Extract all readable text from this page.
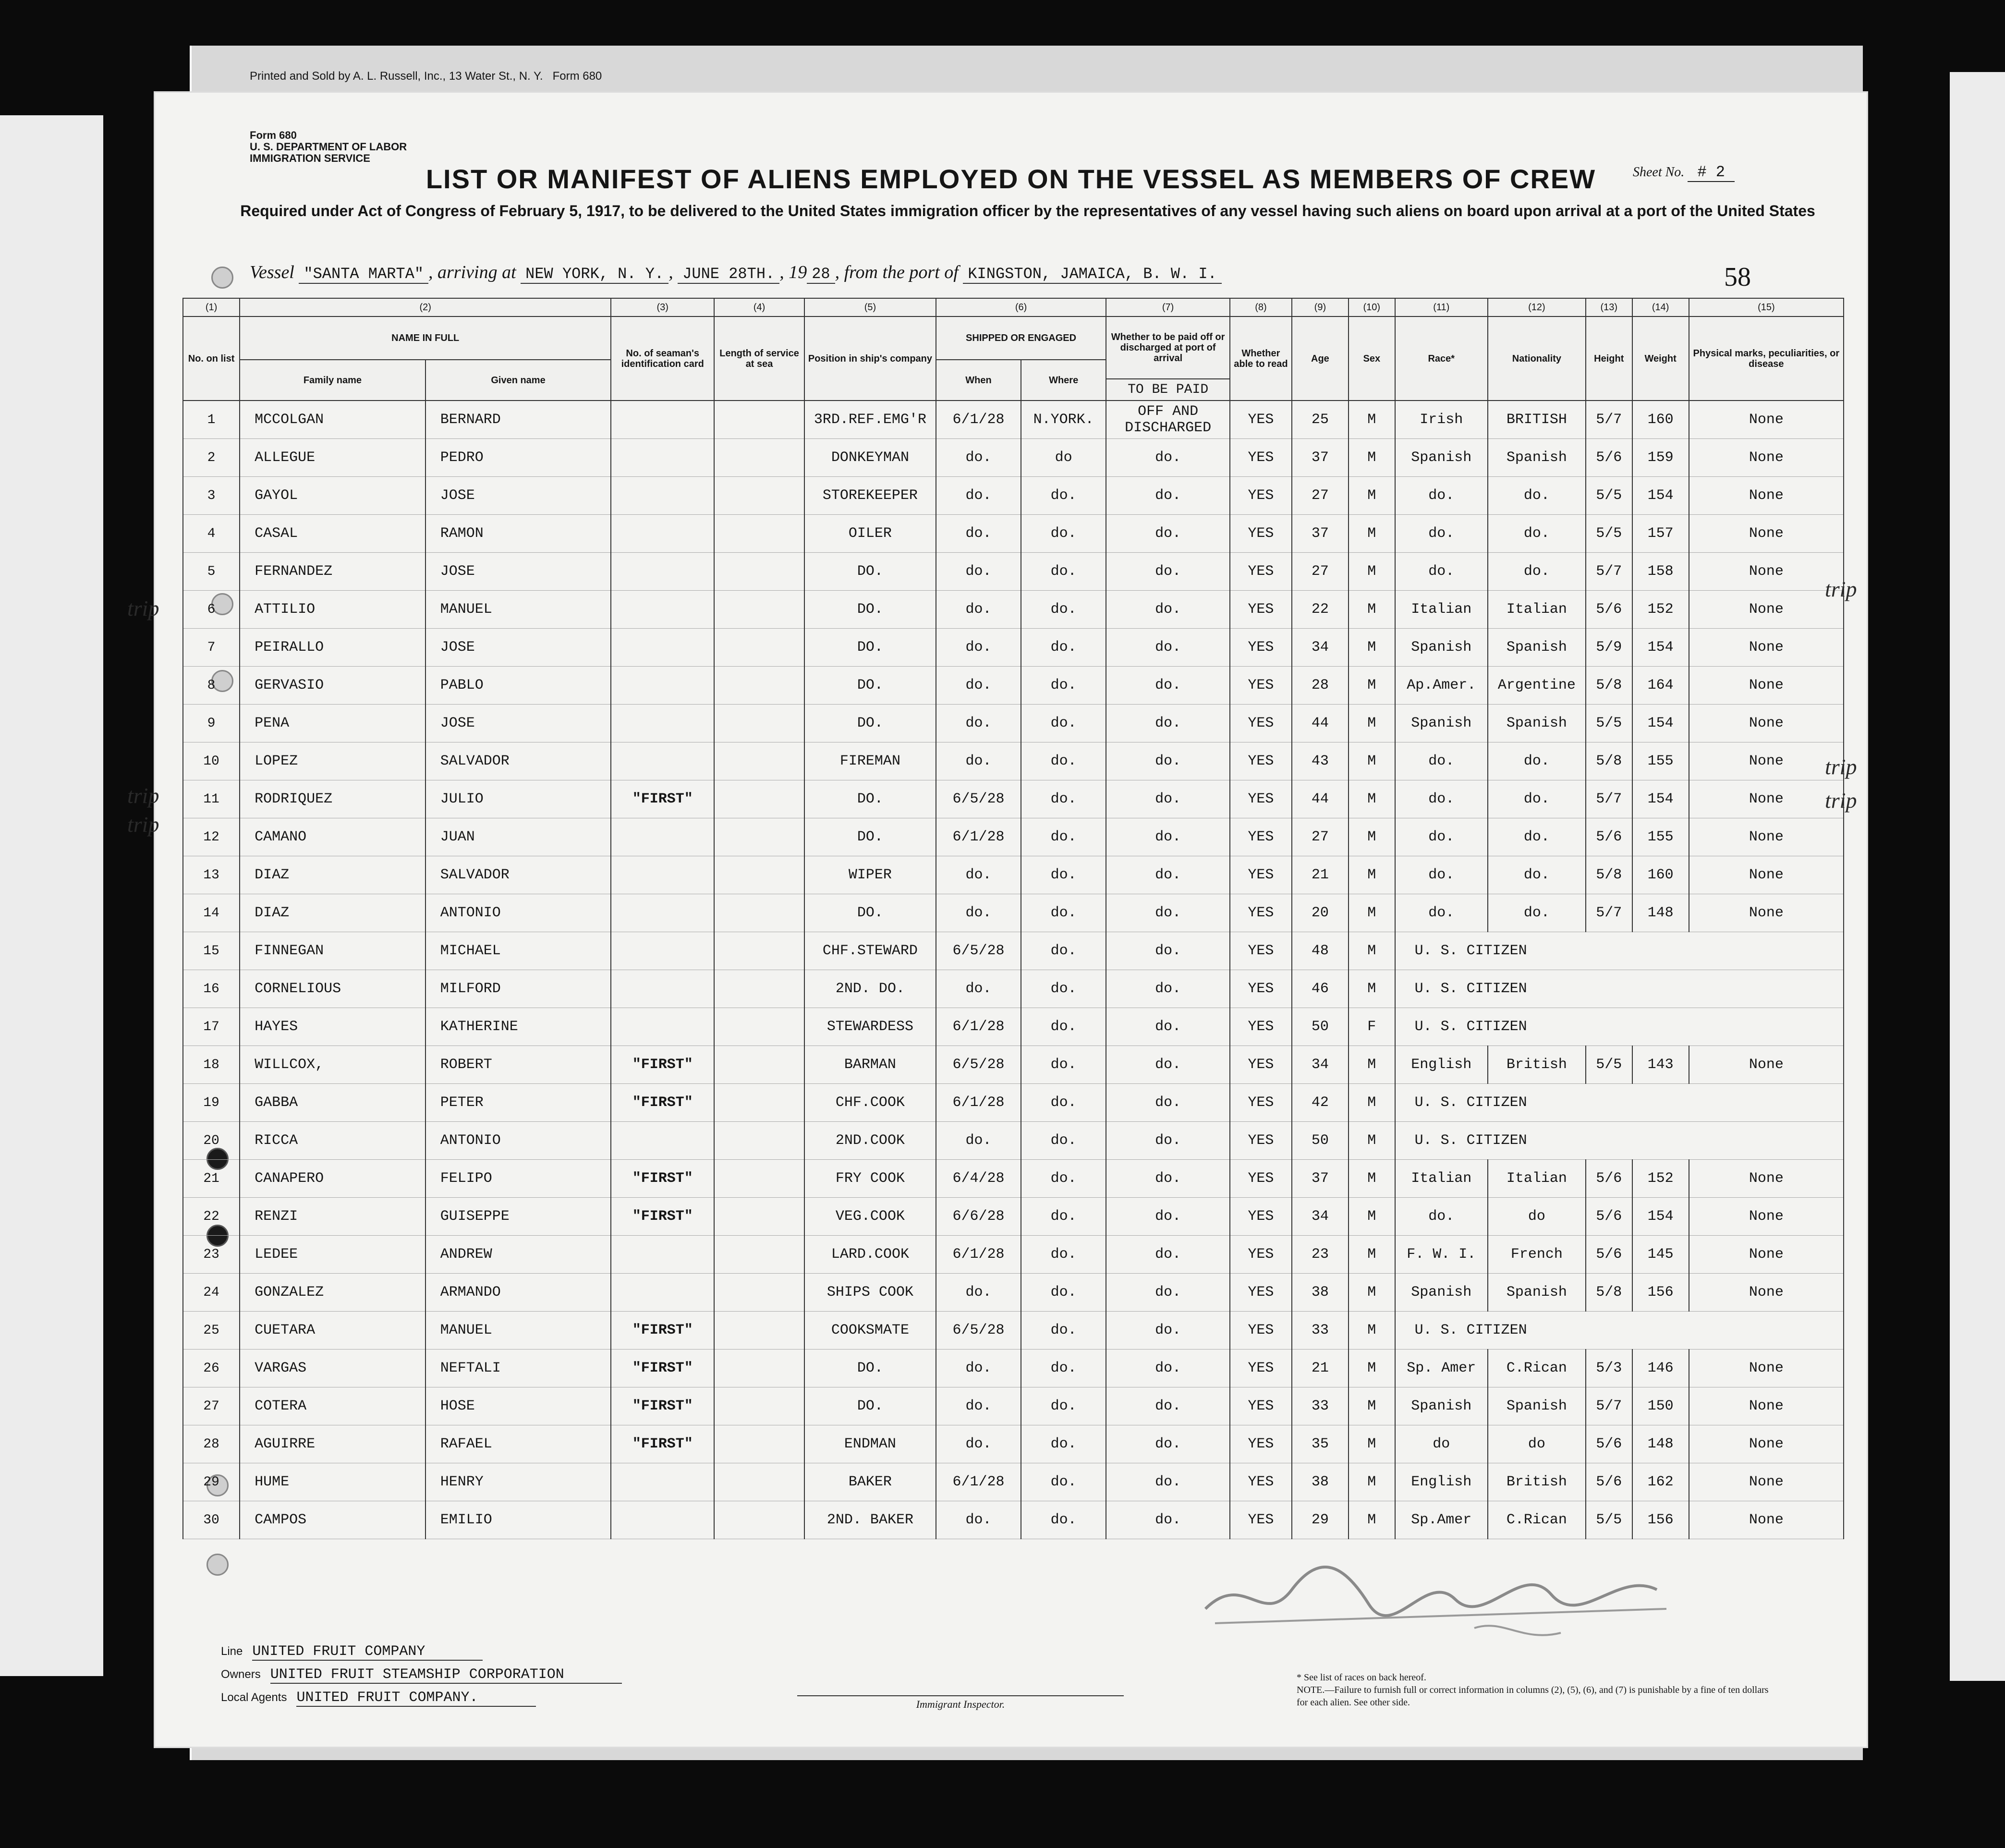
Printed and Sold by A. L. Russell, Inc., 13 Water St., N. Y. Form 680
Form 680
U. S. DEPARTMENT OF LABOR
IMMIGRATION SERVICE
LIST OR MANIFEST OF ALIENS EMPLOYED ON THE VESSEL AS MEMBERS OF CREW	Sheet No. # 2
Required under Act of Congress of February 5, 1917, to be delivered to the United States immigration officer by the representatives of any vessel having such aliens on board upon arrival at a port of the United States
Vessel "SANTA MARTA" , arriving at NEW YORK, N. Y. , JUNE 28TH. , 19 28 , from the port of KINGSTON, JAMAICA, B. W. I.	58
(1)	(2)		(3)	(4)	(5)	(6)		(7)	(8)	(9)	(10)	(11)	(12)	(13)	(14)	(15)
No. on list	NAME IN FULL		No. of seaman's identification card	Length of service at sea	Position in ship's company	SHIPPED OR ENGAGED		Whether to be paid off or discharged at port of arrival	Whether able to read	Age	Sex	Race*	Nationality	Height	Weight	Physical marks, peculiarities, or disease
	Family name	Given name				When	Where									
								TO BE PAID								
1	MCCOLGAN	BERNARD			3RD.REF.EMG'R	6/1/28	N.YORK.	OFF AND DISCHARGED	YES	25	M	Irish	BRITISH	5/7	160	None
2	ALLEGUE	PEDRO			DONKEYMAN	do.	do	do.	YES	37	M	Spanish	Spanish	5/6	159	None
3	GAYOL	JOSE			STOREKEEPER	do.	do.	do.	YES	27	M	do.	do.	5/5	154	None
4	CASAL	RAMON			OILER	do.	do.	do.	YES	37	M	do.	do.	5/5	157	None
5	FERNANDEZ	JOSE			DO.	do.	do.	do.	YES	27	M	do.	do.	5/7	158	None
6	ATTILIO	MANUEL			DO.	do.	do.	do.	YES	22	M	Italian	Italian	5/6	152	None
7	PEIRALLO	JOSE			DO.	do.	do.	do.	YES	34	M	Spanish	Spanish	5/9	154	None
8	GERVASIO	PABLO			DO.	do.	do.	do.	YES	28	M	Ap.Amer.	Argentine	5/8	164	None
9	PENA	JOSE			DO.	do.	do.	do.	YES	44	M	Spanish	Spanish	5/5	154	None
10	LOPEZ	SALVADOR			FIREMAN	do.	do.	do.	YES	43	M	do.	do.	5/8	155	None
11	RODRIQUEZ	JULIO	"FIRST"		DO.	6/5/28	do.	do.	YES	44	M	do.	do.	5/7	154	None
12	CAMANO	JUAN			DO.	6/1/28	do.	do.	YES	27	M	do.	do.	5/6	155	None
13	DIAZ	SALVADOR			WIPER	do.	do.	do.	YES	21	M	do.	do.	5/8	160	None
14	DIAZ	ANTONIO			DO.	do.	do.	do.	YES	20	M	do.	do.	5/7	148	None
15	FINNEGAN	MICHAEL			CHF.STEWARD	6/5/28	do.	do.	YES	48	M	U. S. CITIZEN				
16	CORNELIOUS	MILFORD			2ND. DO.	do.	do.	do.	YES	46	M	U. S. CITIZEN				
17	HAYES	KATHERINE			STEWARDESS	6/1/28	do.	do.	YES	50	F	U. S. CITIZEN				
18	WILLCOX,	ROBERT	"FIRST"		BARMAN	6/5/28	do.	do.	YES	34	M	English	British	5/5	143	None
19	GABBA	PETER	"FIRST"		CHF.COOK	6/1/28	do.	do.	YES	42	M	U. S. CITIZEN				
20	RICCA	ANTONIO			2ND.COOK	do.	do.	do.	YES	50	M	U. S. CITIZEN				
21	CANAPERO	FELIPO	"FIRST"		FRY COOK	6/4/28	do.	do.	YES	37	M	Italian	Italian	5/6	152	None
22	RENZI	GUISEPPE	"FIRST"		VEG.COOK	6/6/28	do.	do.	YES	34	M	do.	do	5/6	154	None
23	LEDEE	ANDREW			LARD.COOK	6/1/28	do.	do.	YES	23	M	F. W. I.	French	5/6	145	None
24	GONZALEZ	ARMANDO			SHIPS COOK	do.	do.	do.	YES	38	M	Spanish	Spanish	5/8	156	None
25	CUETARA	MANUEL	"FIRST"		COOKSMATE	6/5/28	do.	do.	YES	33	M	U. S. CITIZEN				
26	VARGAS	NEFTALI	"FIRST"		DO.	do.	do.	do.	YES	21	M	Sp. Amer	C.Rican	5/3	146	None
27	COTERA	HOSE	"FIRST"		DO.	do.	do.	do.	YES	33	M	Spanish	Spanish	5/7	150	None
28	AGUIRRE	RAFAEL	"FIRST"		ENDMAN	do.	do.	do.	YES	35	M	do	do	5/6	148	None
29	HUME	HENRY			BAKER	6/1/28	do.	do.	YES	38	M	English	British	5/6	162	None
30	CAMPOS	EMILIO			2ND. BAKER	do.	do.	do.	YES	29	M	Sp.Amer	C.Rican	5/5	156	None
trip
trip
trip
trip
trip
trip
Line UNITED FRUIT COMPANY
Owners UNITED FRUIT STEAMSHIP CORPORATION
Local Agents UNITED FRUIT COMPANY.	Immigrant Inspector.
* See list of races on back hereof.
NOTE.—Failure to furnish full or correct information in columns (2), (5), (6), and (7) is punishable by a fine of ten dollars for each alien. See other side.
